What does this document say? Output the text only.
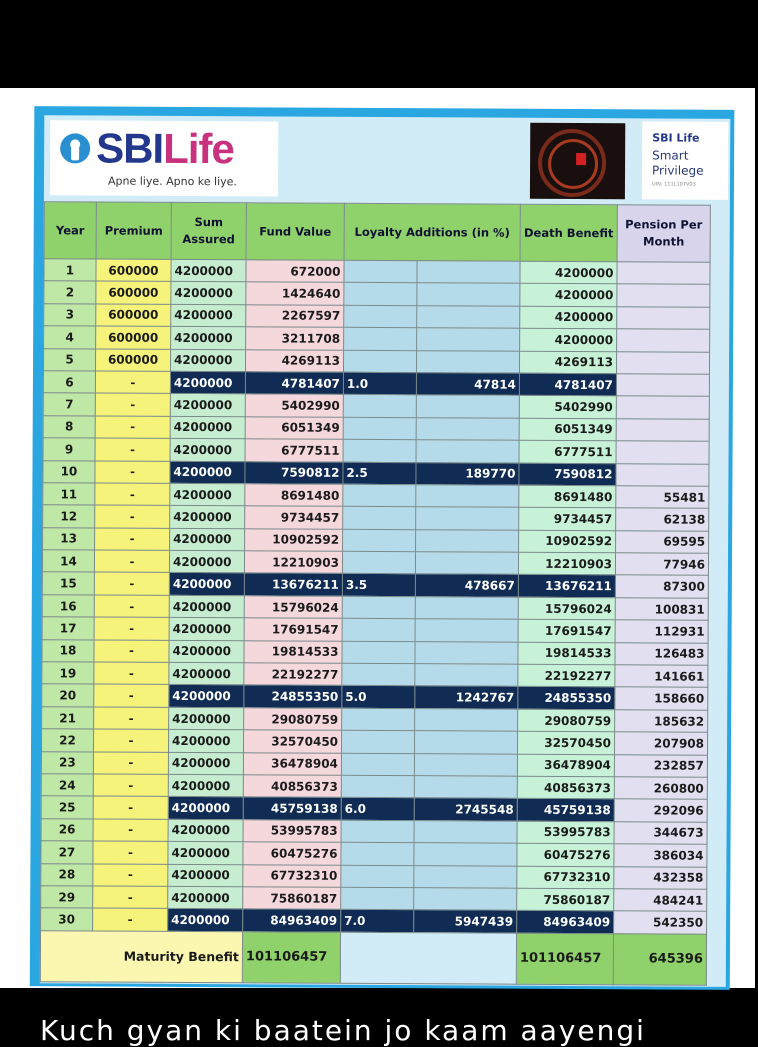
SBILife
Apne liye. Apno ke liye.
SBI Life
Smart
Privilege
UIN: 111L107V03
Year	Premium	Sum Assured	Fund Value	Loyalty Additions (in %)		Death Benefit	Pension Per Month
1	600000	4200000	672000			4200000	
2	600000	4200000	1424640			4200000	
3	600000	4200000	2267597			4200000	
4	600000	4200000	3211708			4200000	
5	600000	4200000	4269113			4269113	
6	-	4200000	4781407	1.0	47814	4781407	
7	-	4200000	5402990			5402990	
8	-	4200000	6051349			6051349	
9	-	4200000	6777511			6777511	
10	-	4200000	7590812	2.5	189770	7590812	
11	-	4200000	8691480			8691480	55481
12	-	4200000	9734457			9734457	62138
13	-	4200000	10902592			10902592	69595
14	-	4200000	12210903			12210903	77946
15	-	4200000	13676211	3.5	478667	13676211	87300
16	-	4200000	15796024			15796024	100831
17	-	4200000	17691547			17691547	112931
18	-	4200000	19814533			19814533	126483
19	-	4200000	22192277			22192277	141661
20	-	4200000	24855350	5.0	1242767	24855350	158660
21	-	4200000	29080759			29080759	185632
22	-	4200000	32570450			32570450	207908
23	-	4200000	36478904			36478904	232857
24	-	4200000	40856373			40856373	260800
25	-	4200000	45759138	6.0	2745548	45759138	292096
26	-	4200000	53995783			53995783	344673
27	-	4200000	60475276			60475276	386034
28	-	4200000	67732310			67732310	432358
29	-	4200000	75860187			75860187	484241
30	-	4200000	84963409	7.0	5947439	84963409	542350
Maturity Benefit			101106457			101106457	645396
Kuch gyan ki baatein jo kaam aayengi
